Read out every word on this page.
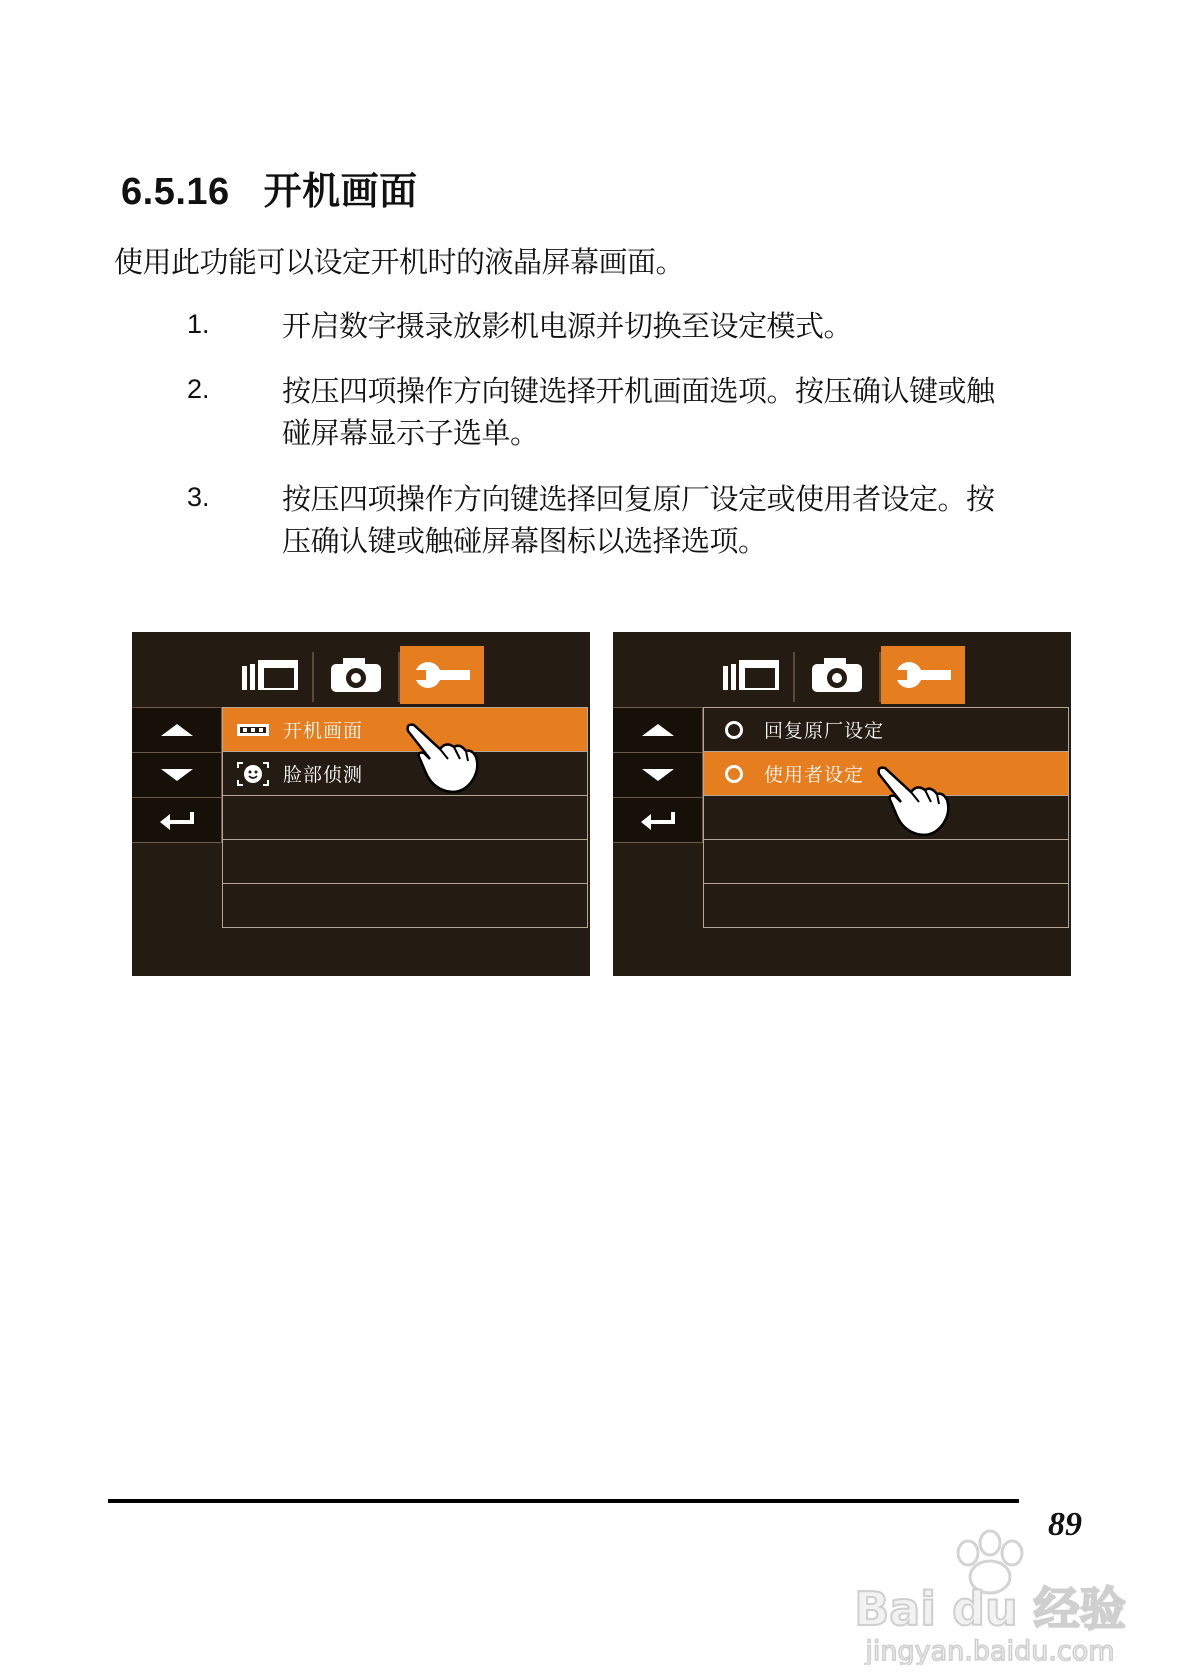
6.5.16 开机画面
使用此功能可以设定开机时的液晶屏幕画面。
1. 开启数字摄录放影机电源并切换至设定模式。
2. 按压四项操作方向键选择开机画面选项。按压确认键或触
碰屏幕显示子选单。
3. 按压四项操作方向键选择回复原厂设定或使用者设定。按
压确认键或触碰屏幕图标以选择选项。
开机画面
脸部侦测
回复原厂设定
使用者设定
89
Bai du 经验
jingyan.baidu.com
